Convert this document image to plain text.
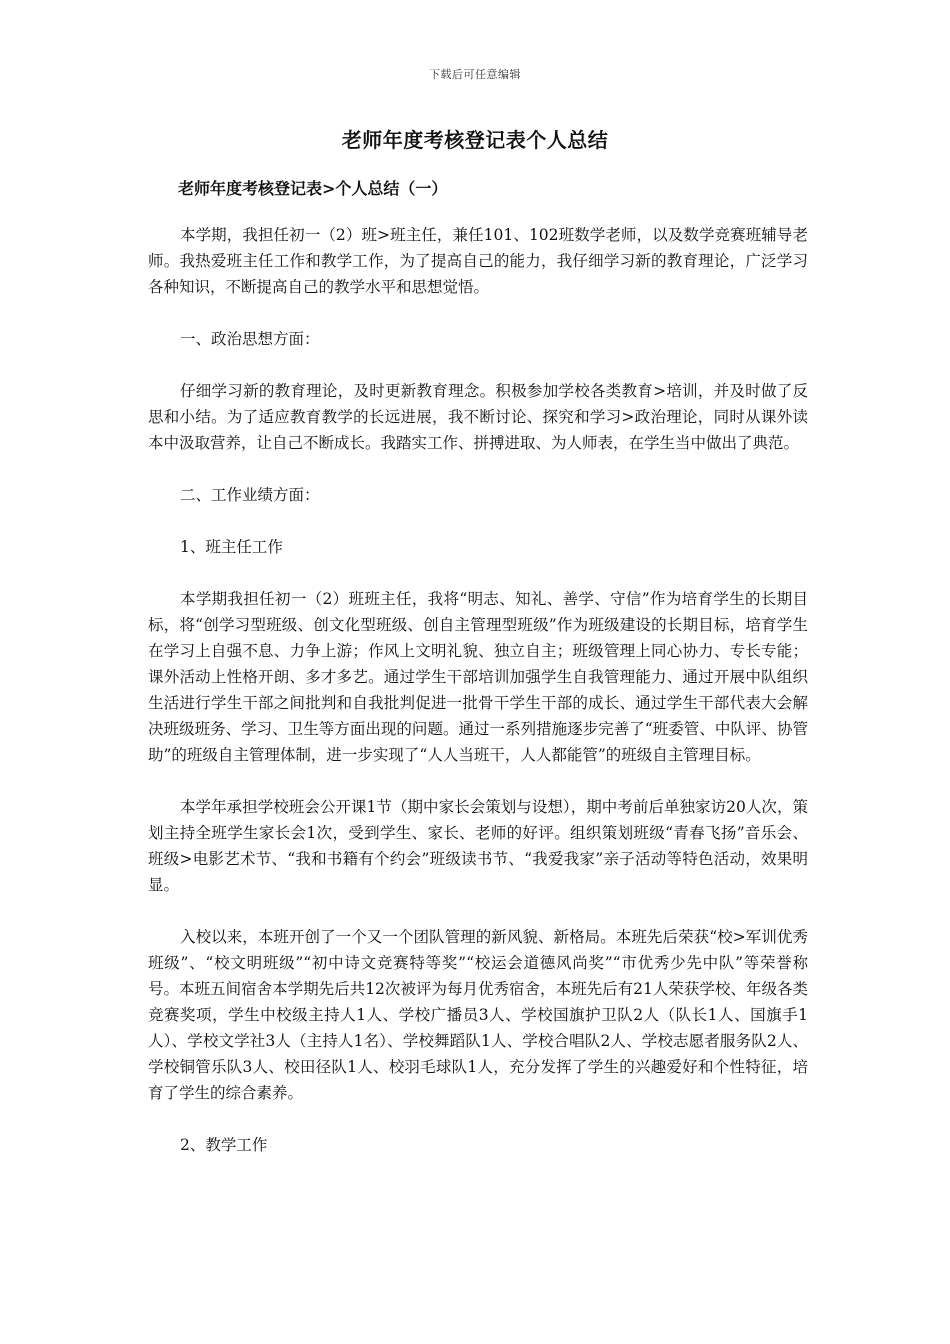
下载后可任意编辑
老师年度考核登记表个人总结

老师年度考核登记表>个人总结（一）

本学期，我担任初一（2）班>班主任，兼任101、102班数学老师，以及数学竞赛班辅导老师。我热爱班主任工作和教学工作，为了提高自己的能力，我仔细学习新的教育理论，广泛学习各种知识，不断提高自己的教学水平和思想觉悟。

一、政治思想方面：

仔细学习新的教育理论，及时更新教育理念。积极参加学校各类教育>培训，并及时做了反思和小结。为了适应教育教学的长远进展，我不断讨论、探究和学习>政治理论，同时从课外读本中汲取营养，让自己不断成长。我踏实工作、拼搏进取、为人师表，在学生当中做出了典范。

二、工作业绩方面：

1、班主任工作

本学期我担任初一（2）班班主任，我将“明志、知礼、善学、守信”作为培育学生的长期目标，将“创学习型班级、创文化型班级、创自主管理型班级”作为班级建设的长期目标，培育学生在学习上自强不息、力争上游；作风上文明礼貌、独立自主；班级管理上同心协力、专长专能；课外活动上性格开朗、多才多艺。通过学生干部培训加强学生自我管理能力、通过开展中队组织生活进行学生干部之间批判和自我批判促进一批骨干学生干部的成长、通过学生干部代表大会解决班级班务、学习、卫生等方面出现的问题。通过一系列措施逐步完善了“班委管、中队评、协管助”的班级自主管理体制，进一步实现了“人人当班干，人人都能管”的班级自主管理目标。

本学年承担学校班会公开课1节（期中家长会策划与设想），期中考前后单独家访20人次，策划主持全班学生家长会1次，受到学生、家长、老师的好评。组织策划班级“青春飞扬”音乐会、班级>电影艺术节、“我和书籍有个约会”班级读书节、“我爱我家”亲子活动等特色活动，效果明显。

入校以来，本班开创了一个又一个团队管理的新风貌、新格局。本班先后荣获“校>军训优秀班级”、“校文明班级”“初中诗文竞赛特等奖”“校运会道德风尚奖”“市优秀少先中队”等荣誉称号。本班五间宿舍本学期先后共12次被评为每月优秀宿舍，本班先后有21人荣获学校、年级各类竞赛奖项，学生中校级主持人1人、学校广播员3人、学校国旗护卫队2人（队长1人、国旗手1人）、学校文学社3人（主持人1名）、学校舞蹈队1人、学校合唱队2人、学校志愿者服务队2人、学校铜管乐队3人、校田径队1人、校羽毛球队1人，充分发挥了学生的兴趣爱好和个性特征，培育了学生的综合素养。

2、教学工作
